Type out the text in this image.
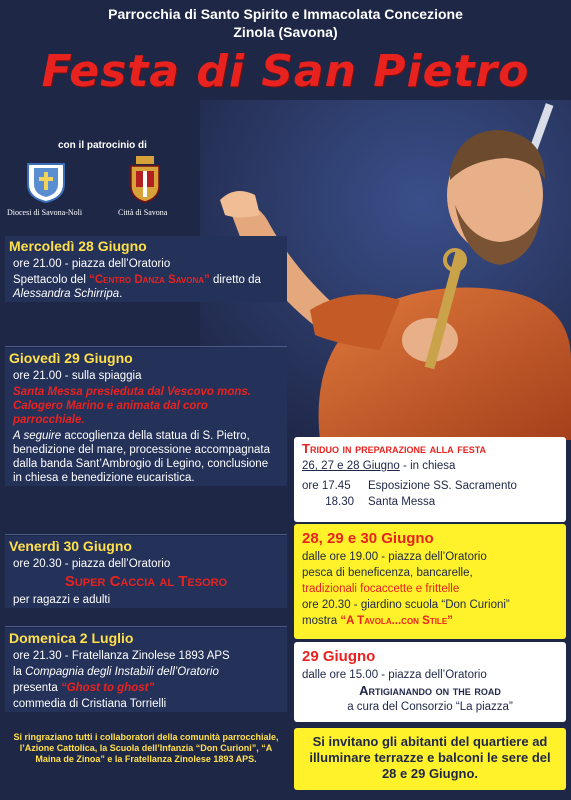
Parrocchia di Santo Spirito e Immacolata Concezione
Zinola (Savona)
Festa di San Pietro
con il patrocinio di
Diocesi di Savona-Noli	Città di Savona
Mercoledì 28 Giugno
ore 21.00 - piazza dell’Oratorio
Spettacolo del “Centro Danza Savona” diretto da Alessandra Schirripa.
Giovedì 29 Giugno
ore 21.00 - sulla spiaggia
Santa Messa presieduta dal Vescovo mons. Calogero Marino e animata dal coro parrocchiale.
A seguire accoglienza della statua di S. Pietro, benedizione del mare, processione accompagnata dalla banda Sant’Ambrogio di Legino, conclusione in chiesa e benedizione eucaristica.
Venerdì 30 Giugno
ore 20.30 - piazza dell’Oratorio
Super Caccia al Tesoro
per ragazzi e adulti
Domenica 2 Luglio
ore 21.30 - Fratellanza Zinolese 1893 APS
la Compagnia degli Instabili dell’Oratorio
presenta “Ghost to ghost”
commedia di Cristiana Torrielli
Si ringraziano tutti i collaboratori della comunità parrocchiale, l’Azione Cattolica, la Scuola dell’Infanzia “Don Curioni”, “A Maina de Zinoa” e la Fratellanza Zinolese 1893 APS.
Triduo in preparazione alla festa
26, 27 e 28 Giugno - in chiesa
ore 17.45 Esposizione SS. Sacramento
18.30 Santa Messa
28, 29 e 30 Giugno
dalle ore 19.00 - piazza dell’Oratorio
pesca di beneficenza, bancarelle,
tradizionali focaccette e frittelle
ore 20.30 - giardino scuola “Don Curioni”
mostra “A Tavola...con Stile”
29 Giugno
dalle ore 15.00 - piazza dell’Oratorio
Artigianando on the road
a cura del Consorzio “La piazza”
Si invitano gli abitanti del quartiere ad illuminare terrazze e balconi le sere del 28 e 29 Giugno.
